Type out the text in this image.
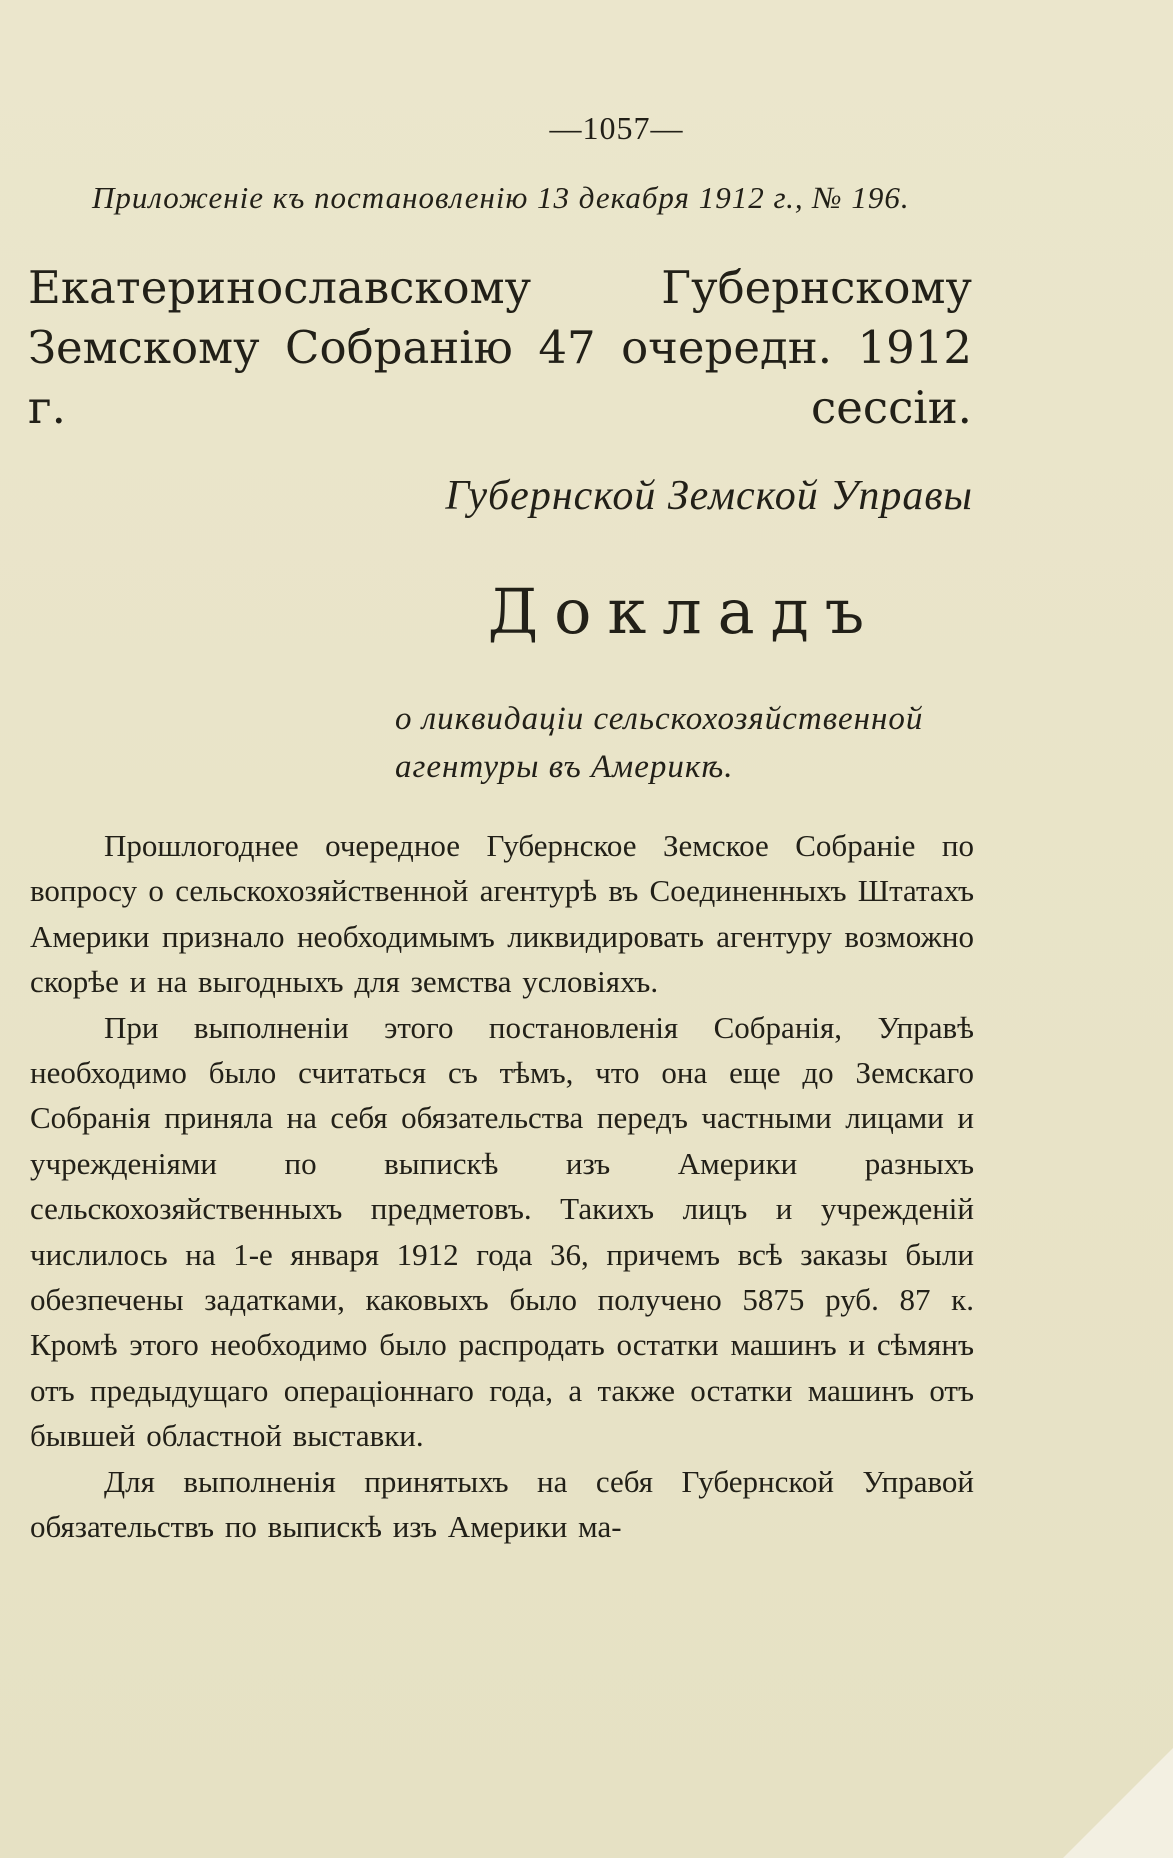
—1057—
Приложеніе къ постановленію 13 декабря 1912 г., № 196.
Екатеринославскому Губернскому Земскому Собранію 47 очередн. 1912 г. сессіи.
Губернской Земской Управы
Докладъ
о ликвидаціи сельскохозяйственной
агентуры въ Америкѣ.

Прошлогоднее очередное Губернское Земское Собраніе по вопросу о сельскохозяйственной агентурѣ въ Соединенныхъ Штатахъ Америки признало необходимымъ ликвидировать агентуру возможно скорѣе и на выгодныхъ для земства условіяхъ.

При выполненіи этого постановленія Собранія, Управѣ необходимо было считаться съ тѣмъ, что она еще до Земскаго Собранія приняла на себя обязательства передъ частными лицами и учрежденіями по выпискѣ изъ Америки разныхъ сельскохозяйственныхъ предметовъ. Такихъ лицъ и учрежденій числилось на 1-е января 1912 года 36, причемъ всѣ заказы были обезпечены задатками, каковыхъ было получено 5875 руб. 87 к. Кромѣ этого необходимо было распродать остатки машинъ и сѣмянъ отъ предыдущаго операціоннаго года, а также остатки машинъ отъ бывшей областной выставки.

Для выполненія принятыхъ на себя Губернской Управой обязательствъ по выпискѣ изъ Америки ма-
